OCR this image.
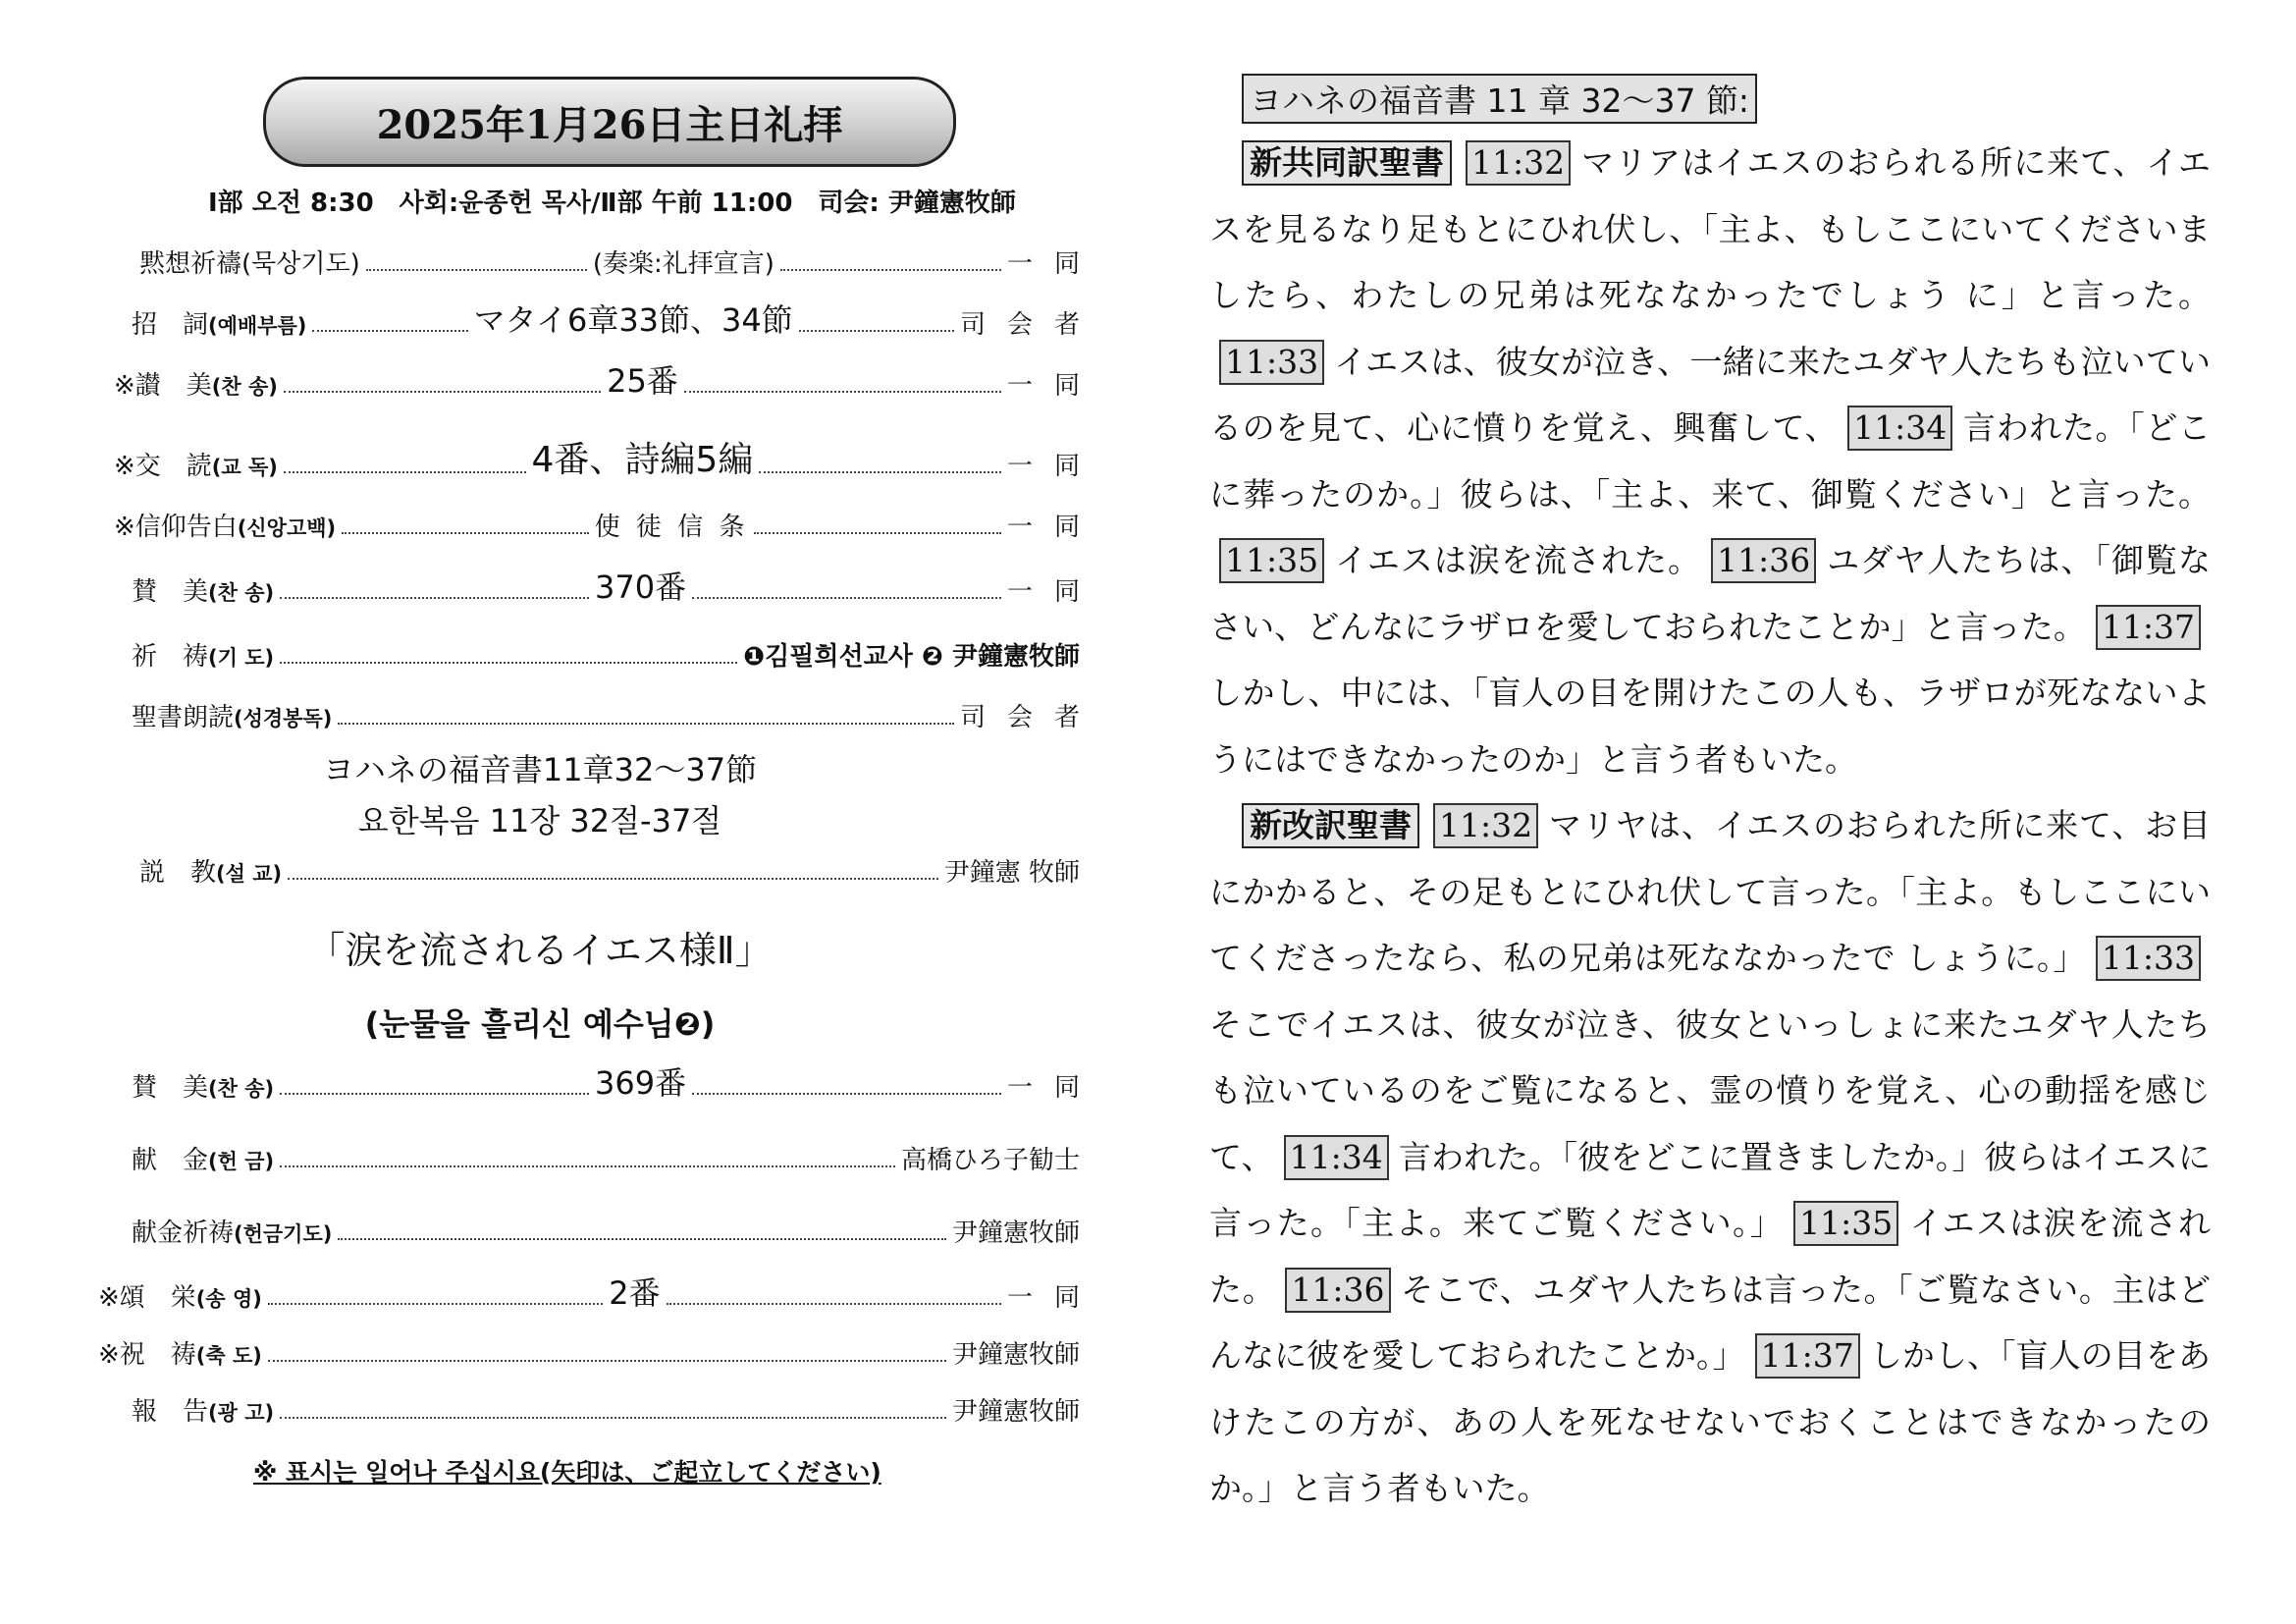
2025年1月26日主日礼拝
Ⅰ部 오전 8:30　사회:윤종헌 목사/Ⅱ部 午前 11:00　司会: 尹鐘憲牧師
黙想祈禱(묵상기도)	(奏楽:礼拝宣言)	一同
招　詞(예배부름)	マタイ6章33節、34節	司会者
※讃　美(찬 송)	25番	一同
※交　読(교 독)	4番、詩編5編	一同
※信仰告白(신앙고백)	使 徒 信 条	一同
賛　美(찬 송)	370番	一同
祈　祷(기 도)	❶김필희선교사 ❷ 尹鐘憲牧師
聖書朗読(성경봉독)	司会者
ヨハネの福音書11章32～37節
요한복음 11장 32절-37절
説　教(설 교)	尹鐘憲 牧師
「涙を流されるイエス様Ⅱ」
(눈물을 흘리신 예수님❷)
賛　美(찬 송)	369番	一同
献　金(헌 금)	高橋ひろ子勧士
献金祈祷(헌금기도)	尹鐘憲牧師
※頌　栄(송 영)	2番	一同
※祝　祷(축 도)	尹鐘憲牧師
報　告(광 고)	尹鐘憲牧師
※ 표시는 일어나 주십시요(矢印は、ご起立してください)
ヨハネの福音書 11 章 32～37 節:

新共同訳聖書 11:32 マリアはイエスのおられる所に来て、イエスを見るなり足もとにひれ伏し、「主よ、もしここにいてくださいましたら、わたしの兄弟は死ななかったでしょう に」と言った。11:33 イエスは、彼女が泣き、一緒に来たユダヤ人たちも泣いているのを見て、心に憤りを覚え、興奮して、 11:34 言われた。「どこに葬ったのか。」彼らは、「主よ、来て、御覧ください」と言った。11:35 イエスは涙を流された。 11:36 ユダヤ人たちは、「御覧なさい、どんなにラザロを愛しておられたことか」と言った。 11:37しかし、中には、「盲人の目を開けたこの人も、ラザロが死なないようにはできなかったのか」と言う者もいた。

新改訳聖書 11:32 マリヤは、イエスのおられた所に来て、お目にかかると、その足もとにひれ伏して言った。「主よ。もしここにいてくださったなら、私の兄弟は死ななかったで しょうに。」 11:33そこでイエスは、彼女が泣き、彼女といっしょに来たユダヤ人たちも泣いているのをご覧になると、霊の憤りを覚え、心の動揺を感じて、 11:34 言われた。「彼をどこに置きましたか。」彼らはイエスに言った。「主よ。来てご覧ください。」 11:35 イエスは涙を流された。 11:36 そこで、ユダヤ人たちは言った。「ご覧なさい。主はどんなに彼を愛しておられたことか。」 11:37 しかし、「盲人の目をあけたこの方が、あの人を死なせないでおくことはできなかったのか。」と言う者もいた。
